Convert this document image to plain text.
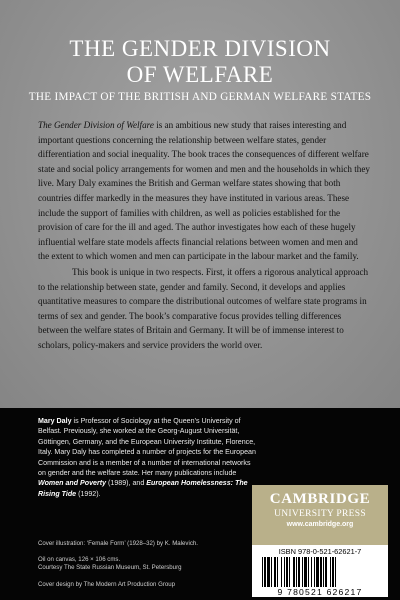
THE GENDER DIVISION
OF WELFARE
THE IMPACT OF THE BRITISH AND GERMAN WELFARE STATES

The Gender Division of Welfare is an ambitious new study that raises interesting and important questions concerning the relationship between welfare states, gender differentiation and social inequality. The book traces the consequences of different welfare state and social policy arrangements for women and men and the households in which they live. Mary Daly examines the British and German welfare states showing that both countries differ markedly in the measures they have instituted in various areas. These include the support of families with children, as well as policies established for the provision of care for the ill and aged. The author investigates how each of these hugely influential welfare state models affects financial relations between women and men and the extent to which women and men can participate in the labour market and the family.

This book is unique in two respects. First, it offers a rigorous analytical approach to the relationship between state, gender and family. Second, it develops and applies quantitative measures to compare the distributional outcomes of welfare state programs in terms of sex and gender. The book’s comparative focus provides telling differences between the welfare states of Britain and Germany. It will be of immense interest to scholars, policy-makers and service providers the world over.

Mary Daly is Professor of Sociology at the Queen’s University of Belfast. Previously, she worked at the Georg-August Universität, Göttingen, Germany, and the European University Institute, Florence, Italy. Mary Daly has completed a number of projects for the European Commission and is a member of a number of international networks on gender and the welfare state. Her many publications include Women and Poverty (1989), and European Homelessness: The Rising Tide (1992).

Cover illustration: ‘Female Form’ (1928–32) by K. Malevich.
Oil on canvas, 126 × 106 cms.
Courtesy The State Russian Museum, St. Petersburg
Cover design by The Modern Art Production Group
CAMBRIDGE
UNIVERSITY PRESS
www.cambridge.org
ISBN 978-0-521-62621-7
9 780521 626217
